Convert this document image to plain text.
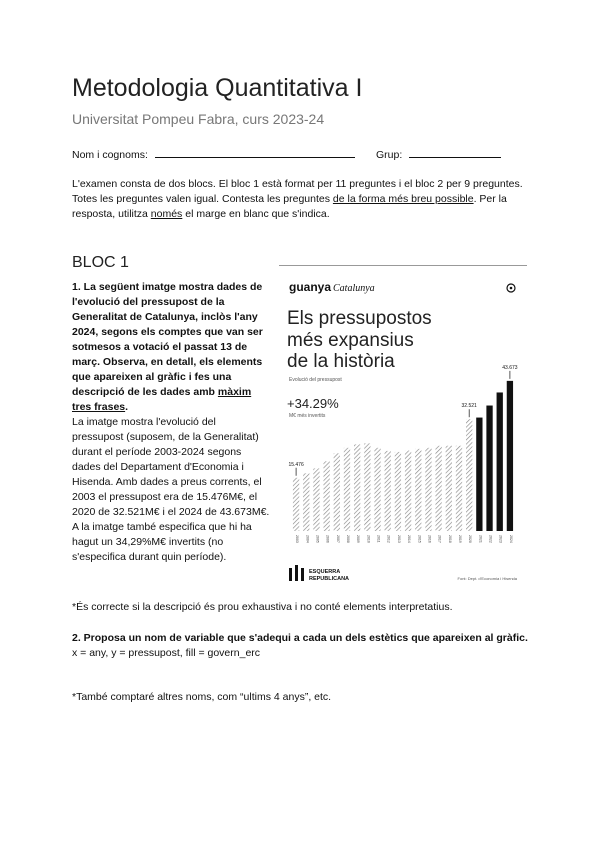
Metodologia Quantitativa I
Universitat Pompeu Fabra, curs 2023-24
Nom i cognoms:	Grup:
L'examen consta de dos blocs. El bloc 1 està format per 11 preguntes i el bloc 2 per 9 preguntes. Totes les preguntes valen igual. Contesta les preguntes de la forma més breu possible. Per la resposta, utilitza només el marge en blanc que s'indica.
BLOC 1
1. La següent imatge mostra dades de l'evolució del pressupost de la Generalitat de Catalunya, inclòs l'any 2024, segons els comptes que van ser sotmesos a votació el passat 13 de març. Observa, en detall, els elements que apareixen al gràfic i fes una descripció de les dades amb màxim tres frases.
La imatge mostra l'evolució del pressupost (suposem, de la Generalitat) durant el període 2003-2024 segons dades del Departament d'Economia i Hisenda. Amb dades a preus corrents, el 2003 el pressupost era de 15.476M€, el 2020 de 32.521M€ i el 2024 de 43.673M€. A la imatge també especifica que hi ha hagut un 34,29%M€ invertits (no s'especifica durant quin període).
guanya Catalunya
Els pressupostos
més expansius
de la història
Evolució del pressupost
+34.29%
M€ més invertits
15.476
32.521
43.673
2003 2004 2005 2006 2007 2008 2009 2010 2011 2012 2013 2014 2015 2016 2017 2018 2019 2020 2021 2022 2023 2024
ESQUERRA
REPUBLICANA	Font: Dept. d'Economia i Hisenda
*És correcte si la descripció és prou exhaustiva i no conté elements interpretatius.
2. Proposa un nom de variable que s'adequi a cada un dels estètics que apareixen al gràfic.
x = any, y = pressupost, fill = govern_erc
*També comptaré altres noms, com “ultims 4 anys”, etc.
